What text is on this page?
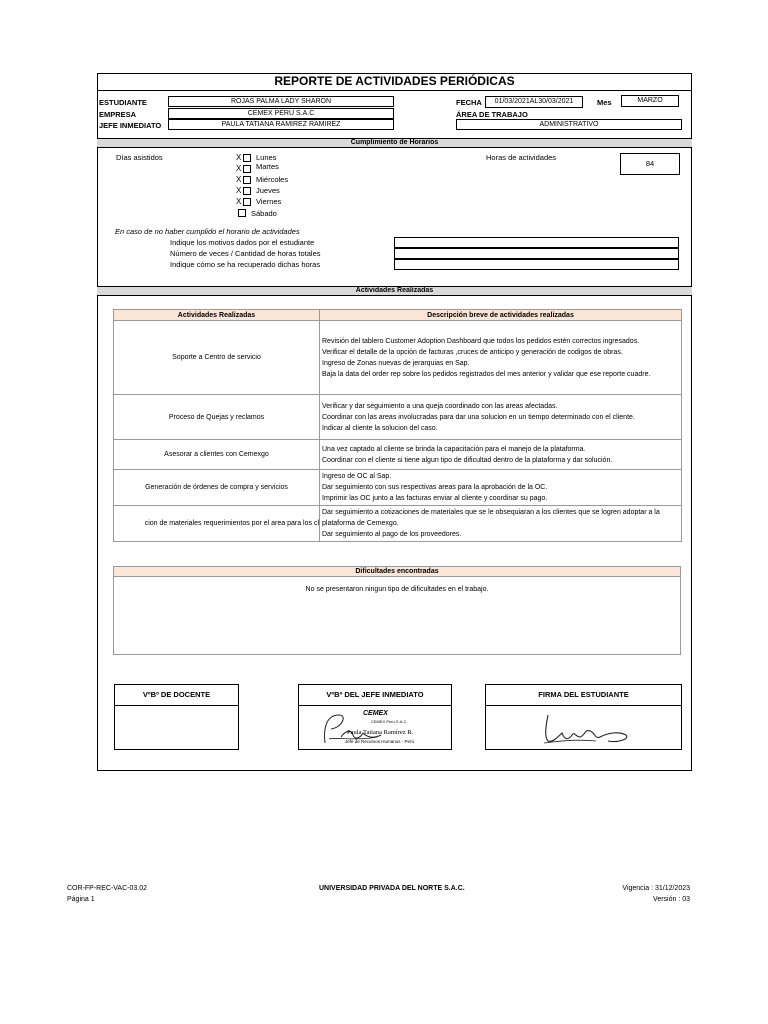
REPORTE DE ACTIVIDADES PERIÓDICAS
ESTUDIANTE	ROJAS PALMA LADY SHARON
EMPRESA	CEMEX PERU S.A.C
JEFE INMEDIATO	PAULA TATIANA RAMIREZ RAMIREZ
FECHA	01/03/2021AL30/03/2021	Mes	MARZO
ÁREA DE TRABAJO
ADMINISTRATIVO
Cumplimiento de Horarios
Días asistidos	Horas de actividades
84
X Lunes
X Martes
X Miércoles
X Jueves
X Viernes
Sábado
En caso de no haber cumplido el horario de actividades
Indique los motivos dados por el estudiante
Número de veces / Cantidad de horas totales
Indique cómo se ha recuperado dichas horas
Actividades Realizadas
Actividades Realizadas	Descripción breve de actividades realizadas
Soporte a Centro de servicio	Revisión del tablero Customer Adoption Dashboard que todos los pedidos estén correctos ingresados.
Verificar el detalle de la opción de facturas ,cruces de anticipo y generación de codigos de obras.
Ingreso de Zonas nuevas de jerarquias en Sap.
Baja la data del order rep sobre los pedidos registrados del mes anterior y validar que ese reporte cuadre.

Proceso de Quejas y reclamos	Verificar y dar seguimiento a una queja coordinado con las areas afectadas.
Coordinar con las areas involucradas para dar una solucion en un tiempo determinado con el cliente.
Indicar al cliente la solucion del caso.

Asesorar a clientes con Cemexgo	Una vez captado al cliente se brinda la capacitación para el manejo de la plataforma.
Coordinar con el cliente si tiene algun tipo de dificultad dentro de la plataforma y dar solución.

Generación de órdenes de compra y servicios	Ingreso de OC al Sap.
Dar seguimiento con sus respectivas areas para la aprobación de la OC.
Imprimir las OC junto a las facturas enviar al cliente y coordinar su pago.

cion de materiales requerimientos por el area para los cl	Dar seguimiento a cotizaciones de materiales que se le obsequiaran a los clientes que se logren adoptar a la plataforma de Cemexgo.
Dar seguimiento al pago de los proveedores.
Dificultades encontradas
No se presentaron ningun tipo de dificultades en el trabajo.
VºBº DE DOCENTE	VºBº DEL JEFE INMEDIATO
CEMEX
CEMEX Perú S.A.C.
Paula Tatiana Ramírez R.
Jefe de Recursos Humanos - Perú
FIRMA DEL ESTUDIANTE
COR-FP-REC-VAC-03.02
Página 1
UNIVERSIDAD PRIVADA DEL NORTE S.A.C.	Vigencia : 31/12/2023
Versión : 03
